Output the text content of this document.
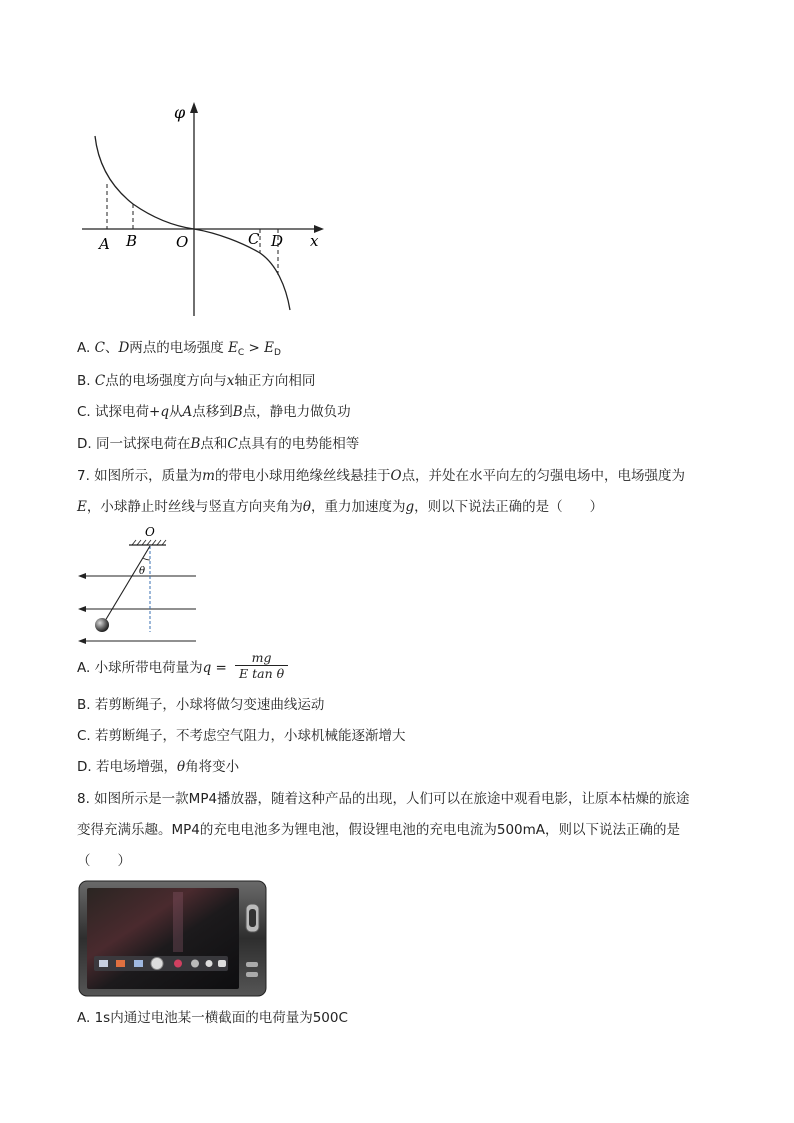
φ
x
O
A B	C D
A. C、D两点的电场强度 $E_C > E_D$
B. C点的电场强度方向与x轴正方向相同
C. 试探电荷+q从A点移到B点，静电力做负功
D. 同一试探电荷在B点和C点具有的电势能相等
7. 如图所示，质量为m的带电小球用绝缘丝线悬挂于O点，并处在水平向左的匀强电场中，电场强度为
E，小球静止时丝线与竖直方向夹角为θ，重力加速度为g，则以下说法正确的是（　　）
O
θ
A. 小球所带电荷量为q =
mg
E tan θ
B. 若剪断绳子，小球将做匀变速曲线运动
C. 若剪断绳子，不考虑空气阻力，小球机械能逐渐增大
D. 若电场增强，θ角将变小
8. 如图所示是一款MP4播放器，随着这种产品的出现，人们可以在旅途中观看电影，让原本枯燥的旅途
变得充满乐趣。MP4的充电电池多为锂电池，假设锂电池的充电电流为500mA，则以下说法正确的是
（　　）
A. 1s内通过电池某一横截面的电荷量为500C
